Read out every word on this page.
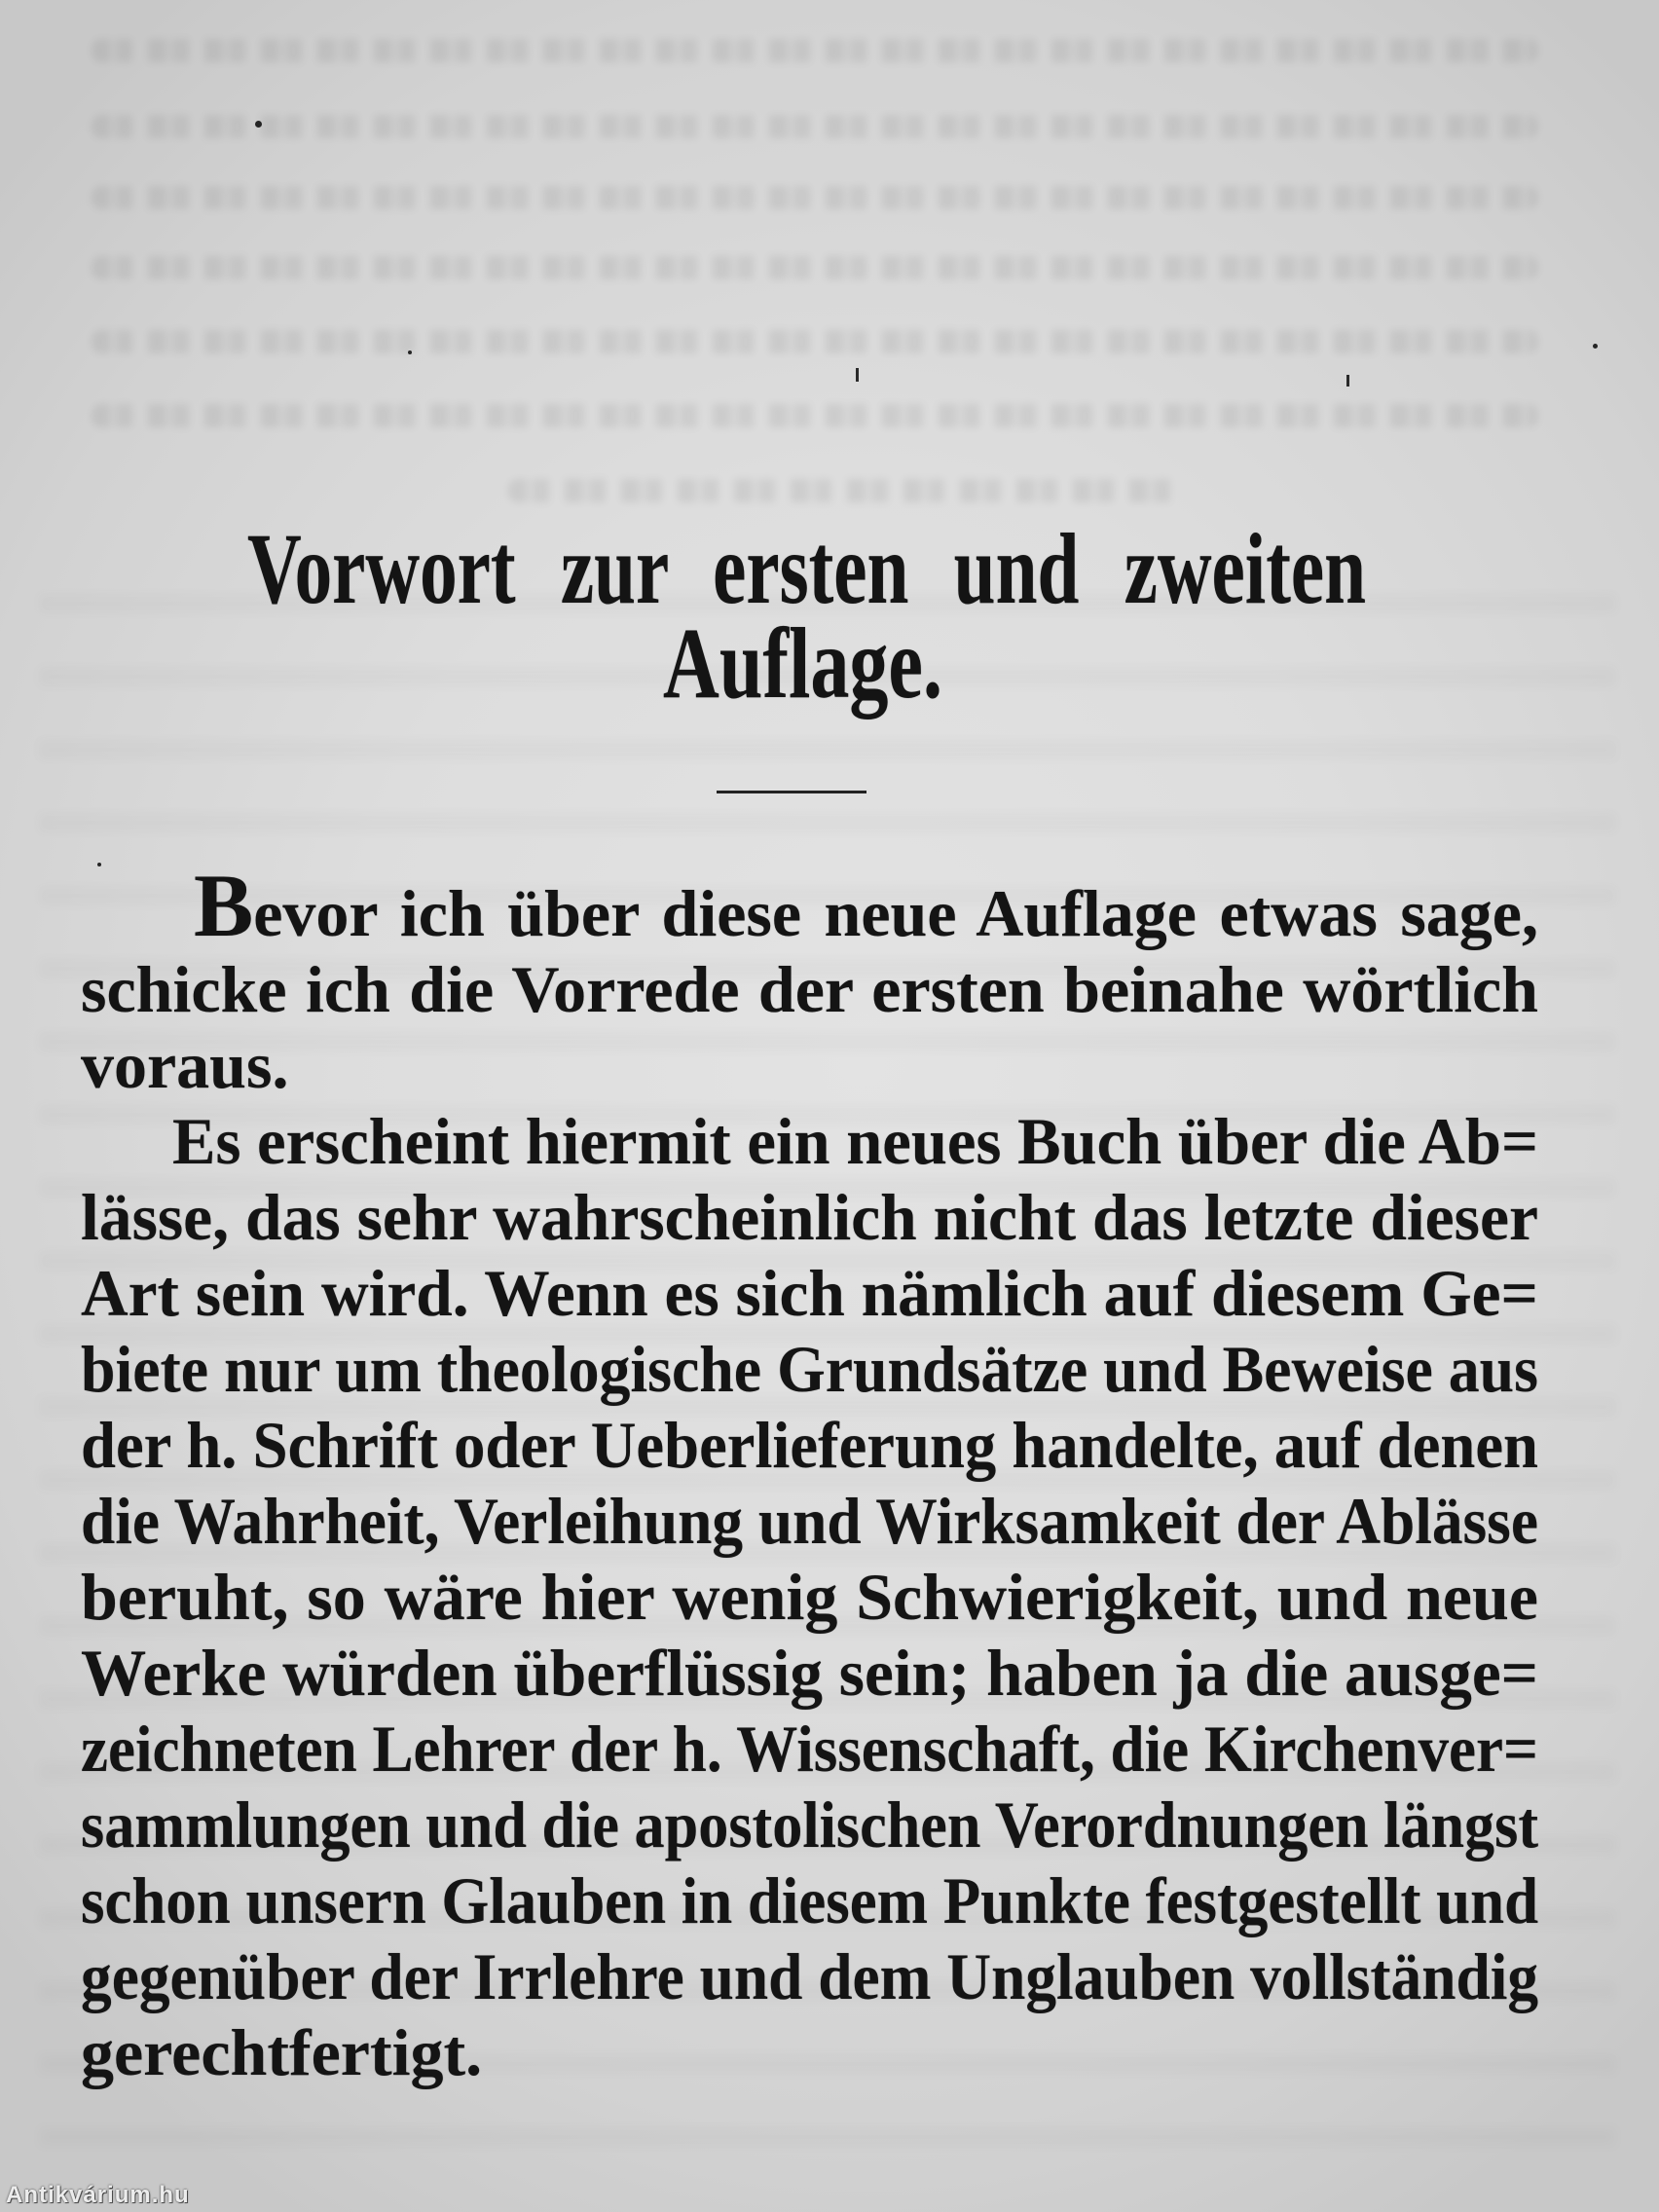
Vorwort zur ersten und zweiten
Auflage.
Bevor ich über diese neue Auflage etwas sage,
schicke ich die Vorrede der ersten beinahe wörtlich
voraus.
Es erscheint hiermit ein neues Buch über die Ab=
lässe, das sehr wahrscheinlich nicht das letzte dieser
Art sein wird. Wenn es sich nämlich auf diesem Ge=
biete nur um theologische Grundsätze und Beweise aus
der h. Schrift oder Ueberlieferung handelte, auf denen
die Wahrheit, Verleihung und Wirksamkeit der Ablässe
beruht, so wäre hier wenig Schwierigkeit, und neue
Werke würden überflüssig sein; haben ja die ausge=
zeichneten Lehrer der h. Wissenschaft, die Kirchenver=
sammlungen und die apostolischen Verordnungen längst
schon unsern Glauben in diesem Punkte festgestellt und
gegenüber der Irrlehre und dem Unglauben vollständig
gerechtfertigt.
Antikvárium.hu
